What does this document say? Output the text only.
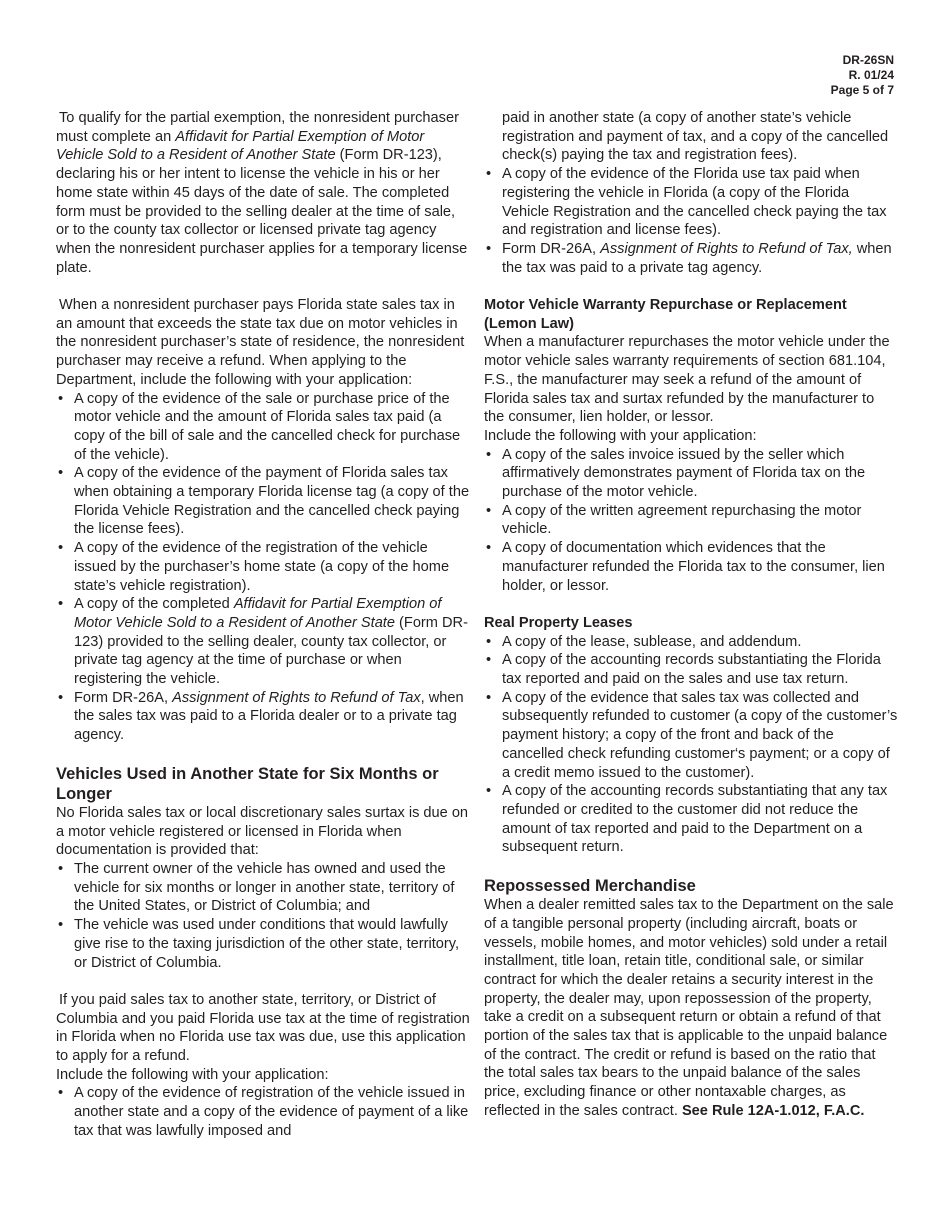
DR-26SN
R. 01/24
Page 5 of 7

To qualify for the partial exemption, the nonresident purchaser must complete an Affidavit for Partial Exemption of Motor Vehicle Sold to a Resident of Another State (Form DR-123), declaring his or her intent to license the vehicle in his or her home state within 45 days of the date of sale. The completed form must be provided to the selling dealer at the time of sale, or to the county tax collector or licensed private tag agency when the nonresident purchaser applies for a temporary license plate.

When a nonresident purchaser pays Florida state sales tax in an amount that exceeds the state tax due on motor vehicles in the nonresident purchaser’s state of residence, the nonresident purchaser may receive a refund. When applying to the Department, include the following with your application:

• A copy of the evidence of the sale or purchase price of the motor vehicle and the amount of Florida sales tax paid (a copy of the bill of sale and the cancelled check for purchase of the vehicle).
• A copy of the evidence of the payment of Florida sales tax when obtaining a temporary Florida license tag (a copy of the Florida Vehicle Registration and the cancelled check paying the license fees).
• A copy of the evidence of the registration of the vehicle issued by the purchaser’s home state (a copy of the home state’s vehicle registration).
• A copy of the completed Affidavit for Partial Exemption of Motor Vehicle Sold to a Resident of Another State (Form DR-123) provided to the selling dealer, county tax collector, or private tag agency at the time of purchase or when registering the vehicle.
• Form DR-26A, Assignment of Rights to Refund of Tax, when the sales tax was paid to a Florida dealer or to a private tag agency.

Vehicles Used in Another State for Six Months or Longer

No Florida sales tax or local discretionary sales surtax is due on a motor vehicle registered or licensed in Florida when documentation is provided that:

• The current owner of the vehicle has owned and used the vehicle for six months or longer in another state, territory of the United States, or District of Columbia; and
• The vehicle was used under conditions that would lawfully give rise to the taxing jurisdiction of the other state, territory, or District of Columbia.

If you paid sales tax to another state, territory, or District of Columbia and you paid Florida use tax at the time of registration in Florida when no Florida use tax was due, use this application to apply for a refund.

Include the following with your application:

• A copy of the evidence of registration of the vehicle issued in another state and a copy of the evidence of payment of a like tax that was lawfully imposed and

paid in another state (a copy of another state’s vehicle registration and payment of tax, and a copy of the cancelled check(s) paying the tax and registration fees).

• A copy of the evidence of the Florida use tax paid when registering the vehicle in Florida (a copy of the Florida Vehicle Registration and the cancelled check paying the tax and registration and license fees).
• Form DR-26A, Assignment of Rights to Refund of Tax, when the tax was paid to a private tag agency.

Motor Vehicle Warranty Repurchase or Replacement (Lemon Law)

When a manufacturer repurchases the motor vehicle under the motor vehicle sales warranty requirements of section 681.104, F.S., the manufacturer may seek a refund of the amount of Florida sales tax and surtax refunded by the manufacturer to the consumer, lien holder, or lessor.

Include the following with your application:

• A copy of the sales invoice issued by the seller which affirmatively demonstrates payment of Florida tax on the purchase of the motor vehicle.
• A copy of the written agreement repurchasing the motor vehicle.
• A copy of documentation which evidences that the manufacturer refunded the Florida tax to the consumer, lien holder, or lessor.

Real Property Leases

• A copy of the lease, sublease, and addendum.
• A copy of the accounting records substantiating the Florida tax reported and paid on the sales and use tax return.
• A copy of the evidence that sales tax was collected and subsequently refunded to customer (a copy of the customer’s payment history; a copy of the front and back of the cancelled check refunding customer‘s payment; or a copy of a credit memo issued to the customer).
• A copy of the accounting records substantiating that any tax refunded or credited to the customer did not reduce the amount of tax reported and paid to the Department on a subsequent return.

Repossessed Merchandise

When a dealer remitted sales tax to the Department on the sale of a tangible personal property (including aircraft, boats or vessels, mobile homes, and motor vehicles) sold under a retail installment, title loan, retain title, conditional sale, or similar contract for which the dealer retains a security interest in the property, the dealer may, upon repossession of the property, take a credit on a subsequent return or obtain a refund of that portion of the sales tax that is applicable to the unpaid balance of the contract. The credit or refund is based on the ratio that the total sales tax bears to the unpaid balance of the sales price, excluding finance or other nontaxable charges, as reflected in the sales contract. See Rule 12A-1.012, F.A.C.
